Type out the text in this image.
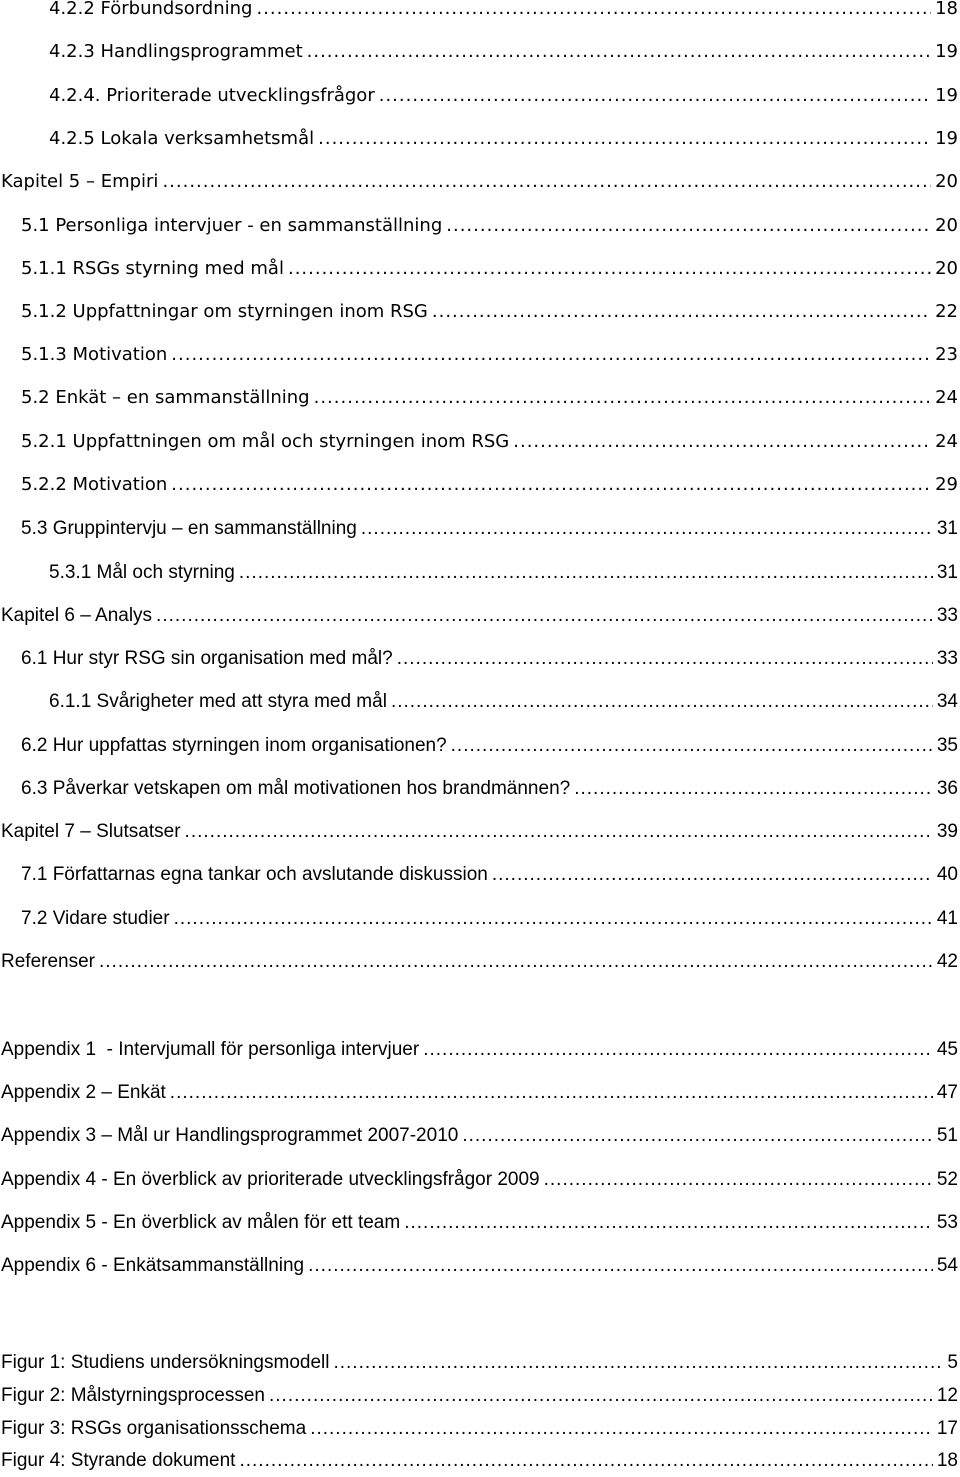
4.2.2 Förbundsordning .....	18
4.2.3 Handlingsprogrammet .....	19
4.2.4. Prioriterade utvecklingsfrågor .....	19
4.2.5 Lokala verksamhetsmål .....	19
Kapitel 5 – Empiri .....	20
5.1 Personliga intervjuer - en sammanställning .....	20
5.1.1 RSGs styrning med mål .....	20
5.1.2 Uppfattningar om styrningen inom RSG .....	22
5.1.3 Motivation .....	23
5.2 Enkät – en sammanställning .....	24
5.2.1 Uppfattningen om mål och styrningen inom RSG .....	24
5.2.2 Motivation .....	29
5.3 Gruppintervju – en sammanställning .....	31
5.3.1 Mål och styrning .....	31
Kapitel 6 – Analys .....	33
6.1 Hur styr RSG sin organisation med mål? .....	33
6.1.1 Svårigheter med att styra med mål .....	34
6.2 Hur uppfattas styrningen inom organisationen? .....	35
6.3 Påverkar vetskapen om mål motivationen hos brandmännen? .....	36
Kapitel 7 – Slutsatser .....	39
7.1 Författarnas egna tankar och avslutande diskussion .....	40
7.2 Vidare studier .....	41
Referenser .....	42
Appendix 1  - Intervjumall för personliga intervjuer .....	45
Appendix 2 – Enkät .....	47
Appendix 3 – Mål ur Handlingsprogrammet 2007-2010 .....	51
Appendix 4 - En överblick av prioriterade utvecklingsfrågor 2009 .....	52
Appendix 5 - En överblick av målen för ett team .....	53
Appendix 6 - Enkätsammanställning .....	54
Figur 1: Studiens undersökningsmodell .....	5
Figur 2: Målstyrningsprocessen .....	12
Figur 3: RSGs organisationsschema .....	17
Figur 4: Styrande dokument .....	18
